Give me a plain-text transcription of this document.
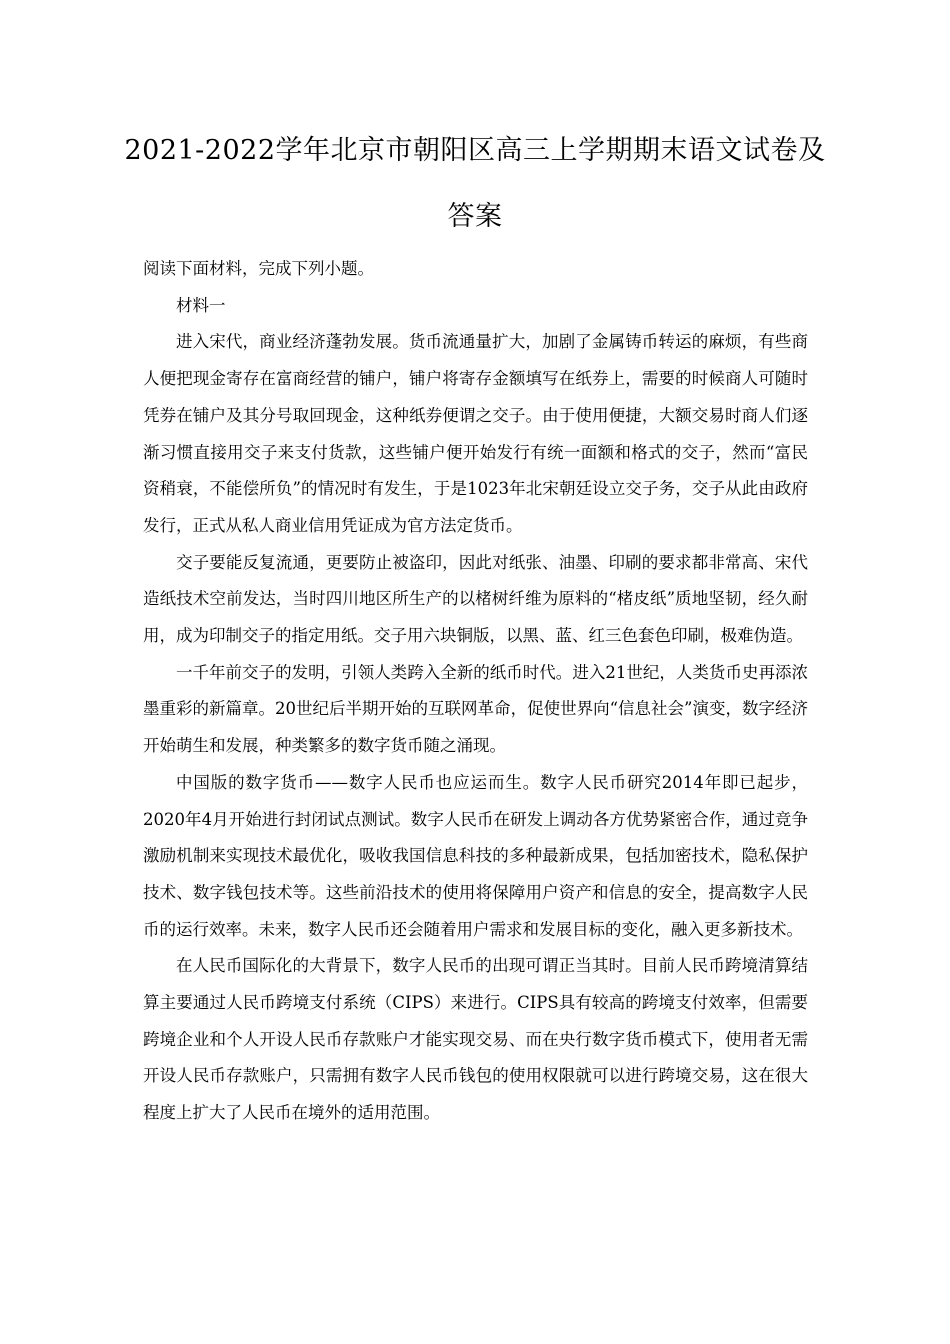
2021-2022学年北京市朝阳区高三上学期期末语文试卷及答案

阅读下面材料，完成下列小题。

材料一

进入宋代，商业经济蓬勃发展。货币流通量扩大，加剧了金属铸币转运的麻烦，有些商人便把现金寄存在富商经营的铺户，铺户将寄存金额填写在纸券上，需要的时候商人可随时凭券在铺户及其分号取回现金，这种纸券便谓之交子。由于使用便捷，大额交易时商人们逐渐习惯直接用交子来支付货款，这些铺户便开始发行有统一面额和格式的交子，然而“富民资稍衰，不能偿所负”的情况时有发生，于是1023年北宋朝廷设立交子务，交子从此由政府发行，正式从私人商业信用凭证成为官方法定货币。

交子要能反复流通，更要防止被盗印，因此对纸张、油墨、印刷的要求都非常高、宋代造纸技术空前发达，当时四川地区所生产的以楮树纤维为原料的“楮皮纸”质地坚韧，经久耐用，成为印制交子的指定用纸。交子用六块铜版，以黑、蓝、红三色套色印刷，极难伪造。

一千年前交子的发明，引领人类跨入全新的纸币时代。进入21世纪，人类货币史再添浓墨重彩的新篇章。20世纪后半期开始的互联网革命，促使世界向“信息社会”演变，数字经济开始萌生和发展，种类繁多的数字货币随之涌现。

中国版的数字货币——数字人民币也应运而生。数字人民币研究2014年即已起步，2020年4月开始进行封闭试点测试。数字人民币在研发上调动各方优势紧密合作，通过竞争激励机制来实现技术最优化，吸收我国信息科技的多种最新成果，包括加密技术，隐私保护技术、数字钱包技术等。这些前沿技术的使用将保障用户资产和信息的安全，提高数字人民币的运行效率。未来，数字人民币还会随着用户需求和发展目标的变化，融入更多新技术。

在人民币国际化的大背景下，数字人民币的出现可谓正当其时。目前人民币跨境清算结算主要通过人民币跨境支付系统（CIPS）来进行。CIPS具有较高的跨境支付效率，但需要跨境企业和个人开设人民币存款账户才能实现交易、而在央行数字货币模式下，使用者无需开设人民币存款账户，只需拥有数字人民币钱包的使用权限就可以进行跨境交易，这在很大程度上扩大了人民币在境外的适用范围。
